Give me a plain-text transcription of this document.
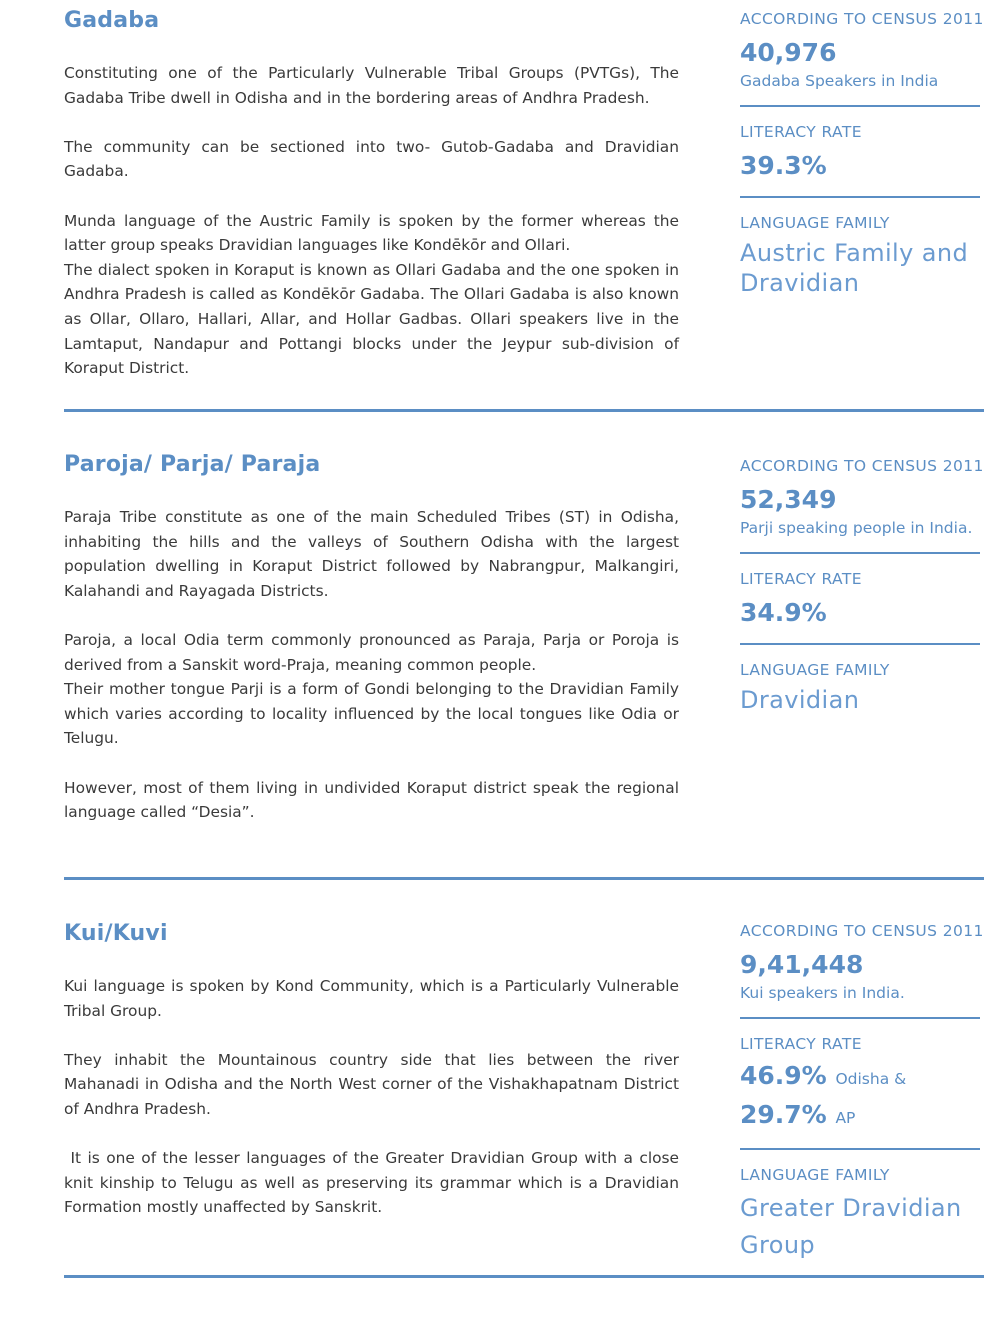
Gadaba

Constituting one of the Particularly Vulnerable Tribal Groups (PVTGs), The Gadaba Tribe dwell in Odisha and in the bordering areas of Andhra Pradesh.

The community can be sectioned into two- Gutob-Gadaba and Dravidian Gadaba.

Munda language of the Austric Family is spoken by the former whereas the latter group speaks Dravidian languages like Kondēkōr and Ollari.

The dialect spoken in Koraput is known as Ollari Gadaba and the one spoken in Andhra Pradesh is called as Kondēkōr Gadaba. The Ollari Gadaba is also known as Ollar, Ollaro, Hallari, Allar, and Hollar Gadbas. Ollari speakers live in the Lamtaput, Nandapur and Pottangi blocks under the Jeypur sub-division of Koraput District.

ACCORDING TO CENSUS 2011
40,976
Gadaba Speakers in India
LITERACY RATE
39.3%
LANGUAGE FAMILY
Austric Family and Dravidian
Paroja/ Parja/ Paraja

Paraja Tribe constitute as one of the main Scheduled Tribes (ST) in Odisha, inhabiting the hills and the valleys of Southern Odisha with the largest population dwelling in Koraput District followed by Nabrangpur, Malkangiri, Kalahandi and Rayagada Districts.

Paroja, a local Odia term commonly pronounced as Paraja, Parja or Poroja is derived from a Sanskit word-Praja, meaning common people.

Their mother tongue Parji is a form of Gondi belonging to the Dravidian Family which varies according to locality influenced by the local tongues like Odia or Telugu.

However, most of them living in undivided Koraput district speak the regional language called “Desia”.

ACCORDING TO CENSUS 2011
52,349
Parji speaking people in India.
LITERACY RATE
34.9%
LANGUAGE FAMILY
Dravidian
Kui/Kuvi

Kui language is spoken by Kond Community, which is a Particularly Vulnerable Tribal Group.

They inhabit the Mountainous country side that lies between the river Mahanadi in Odisha and the North West corner of the Vishakhapatnam District of Andhra Pradesh.

It is one of the lesser languages of the Greater Dravidian Group with a close knit kinship to Telugu as well as preserving its grammar which is a Dravidian Formation mostly unaffected by Sanskrit.

ACCORDING TO CENSUS 2011
9,41,448
Kui speakers in India.
LITERACY RATE
46.9% Odisha &
29.7% AP
LANGUAGE FAMILY
Greater Dravidian Group
